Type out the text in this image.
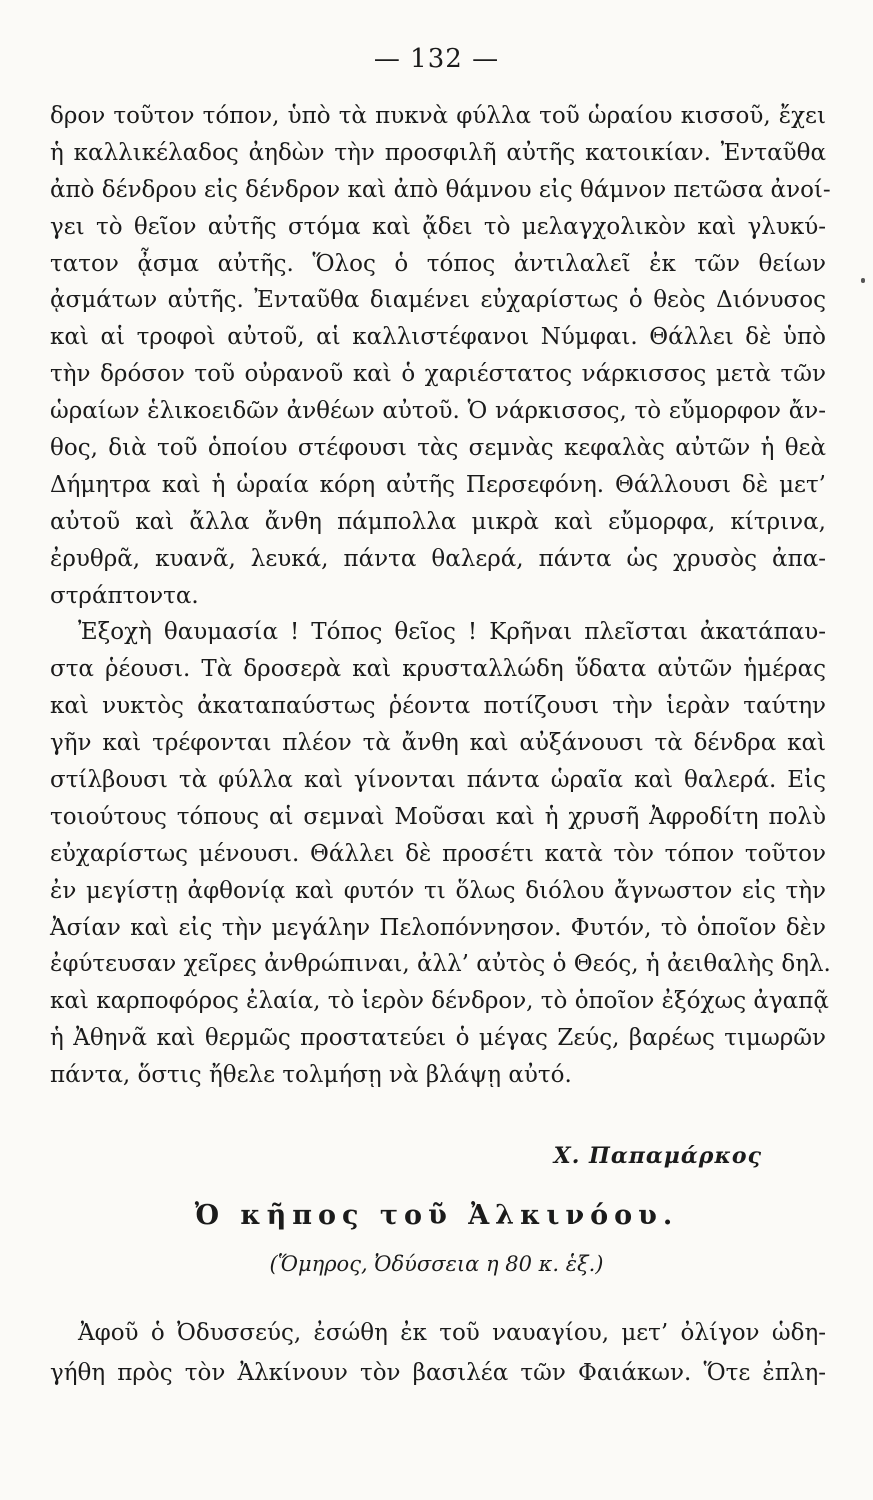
— 132 —
δρον τοῦτον τόπον, ὑπὸ τὰ πυκνὰ φύλλα τοῦ ὡραίου κισσοῦ, ἔχει
ἡ καλλικέλαδος ἀηδὼν τὴν προσφιλῆ αὐτῆς κατοικίαν. Ἐνταῦθα
ἀπὸ δένδρου εἰς δένδρον καὶ ἀπὸ θάμνου εἰς θάμνον πετῶσα ἀνοί-
γει τὸ θεῖον αὐτῆς στόμα καὶ ᾄδει τὸ μελαγχολικὸν καὶ γλυκύ-
τατον ᾆσμα αὐτῆς. Ὅλος ὁ τόπος ἀντιλαλεῖ ἐκ τῶν θείων
ᾀσμάτων αὐτῆς. Ἐνταῦθα διαμένει εὐχαρίστως ὁ θεὸς Διόνυσος
καὶ αἱ τροφοὶ αὐτοῦ, αἱ καλλιστέφανοι Νύμφαι. Θάλλει δὲ ὑπὸ
τὴν δρόσον τοῦ οὐρανοῦ καὶ ὁ χαριέστατος νάρκισσος μετὰ τῶν
ὡραίων ἑλικοειδῶν ἀνθέων αὐτοῦ. Ὁ νάρκισσος, τὸ εὔμορφον ἄν-
θος, διὰ τοῦ ὁποίου στέφουσι τὰς σεμνὰς κεφαλὰς αὐτῶν ἡ θεὰ
Δήμητρα καὶ ἡ ὡραία κόρη αὐτῆς Περσεφόνη. Θάλλουσι δὲ μετ’
αὐτοῦ καὶ ἄλλα ἄνθη πάμπολλα μικρὰ καὶ εὔμορφα, κίτρινα,
ἐρυθρᾶ, κυανᾶ, λευκά, πάντα θαλερά, πάντα ὡς χρυσὸς ἀπα-
στράπτοντα.
Ἐξοχὴ θαυμασία ! Τόπος θεῖος ! Κρῆναι πλεῖσται ἀκατάπαυ-
στα ῥέουσι. Τὰ δροσερὰ καὶ κρυσταλλώδη ὕδατα αὐτῶν ἡμέρας
καὶ νυκτὸς ἀκαταπαύστως ῥέοντα ποτίζουσι τὴν ἱερὰν ταύτην
γῆν καὶ τρέφονται πλέον τὰ ἄνθη καὶ αὐξάνουσι τὰ δένδρα καὶ
στίλβουσι τὰ φύλλα καὶ γίνονται πάντα ὡραῖα καὶ θαλερά. Εἰς
τοιούτους τόπους αἱ σεμναὶ Μοῦσαι καὶ ἡ χρυσῆ Ἀφροδίτη πολὺ
εὐχαρίστως μένουσι. Θάλλει δὲ προσέτι κατὰ τὸν τόπον τοῦτον
ἐν μεγίστῃ ἀφθονίᾳ καὶ φυτόν τι ὅλως διόλου ἄγνωστον εἰς τὴν
Ἀσίαν καὶ εἰς τὴν μεγάλην Πελοπόννησον. Φυτόν, τὸ ὁποῖον δὲν
ἐφύτευσαν χεῖρες ἀνθρώπιναι, ἀλλ’ αὐτὸς ὁ Θεός, ἡ ἀειθαλὴς δηλ.
καὶ καρποφόρος ἐλαία, τὸ ἱερὸν δένδρον, τὸ ὁποῖον ἐξόχως ἀγαπᾷ
ἡ Ἀθηνᾶ καὶ θερμῶς προστατεύει ὁ μέγας Ζεύς, βαρέως τιμωρῶν
πάντα, ὅστις ἤθελε τολμήσῃ νὰ βλάψῃ αὐτό.
Χ. Παπαμάρκος
Ὀ κῆπος τοῦ Ἀλκινόου.
(Ὅμηρος, Ὀδύσσεια η 80 κ. ἑξ.)
Ἀφοῦ ὁ Ὀδυσσεύς, ἐσώθη ἐκ τοῦ ναυαγίου, μετ’ ὀλίγον ὡδη-
γήθη πρὸς τὸν Ἀλκίνουν τὸν βασιλέα τῶν Φαιάκων. Ὅτε ἐπλη-
